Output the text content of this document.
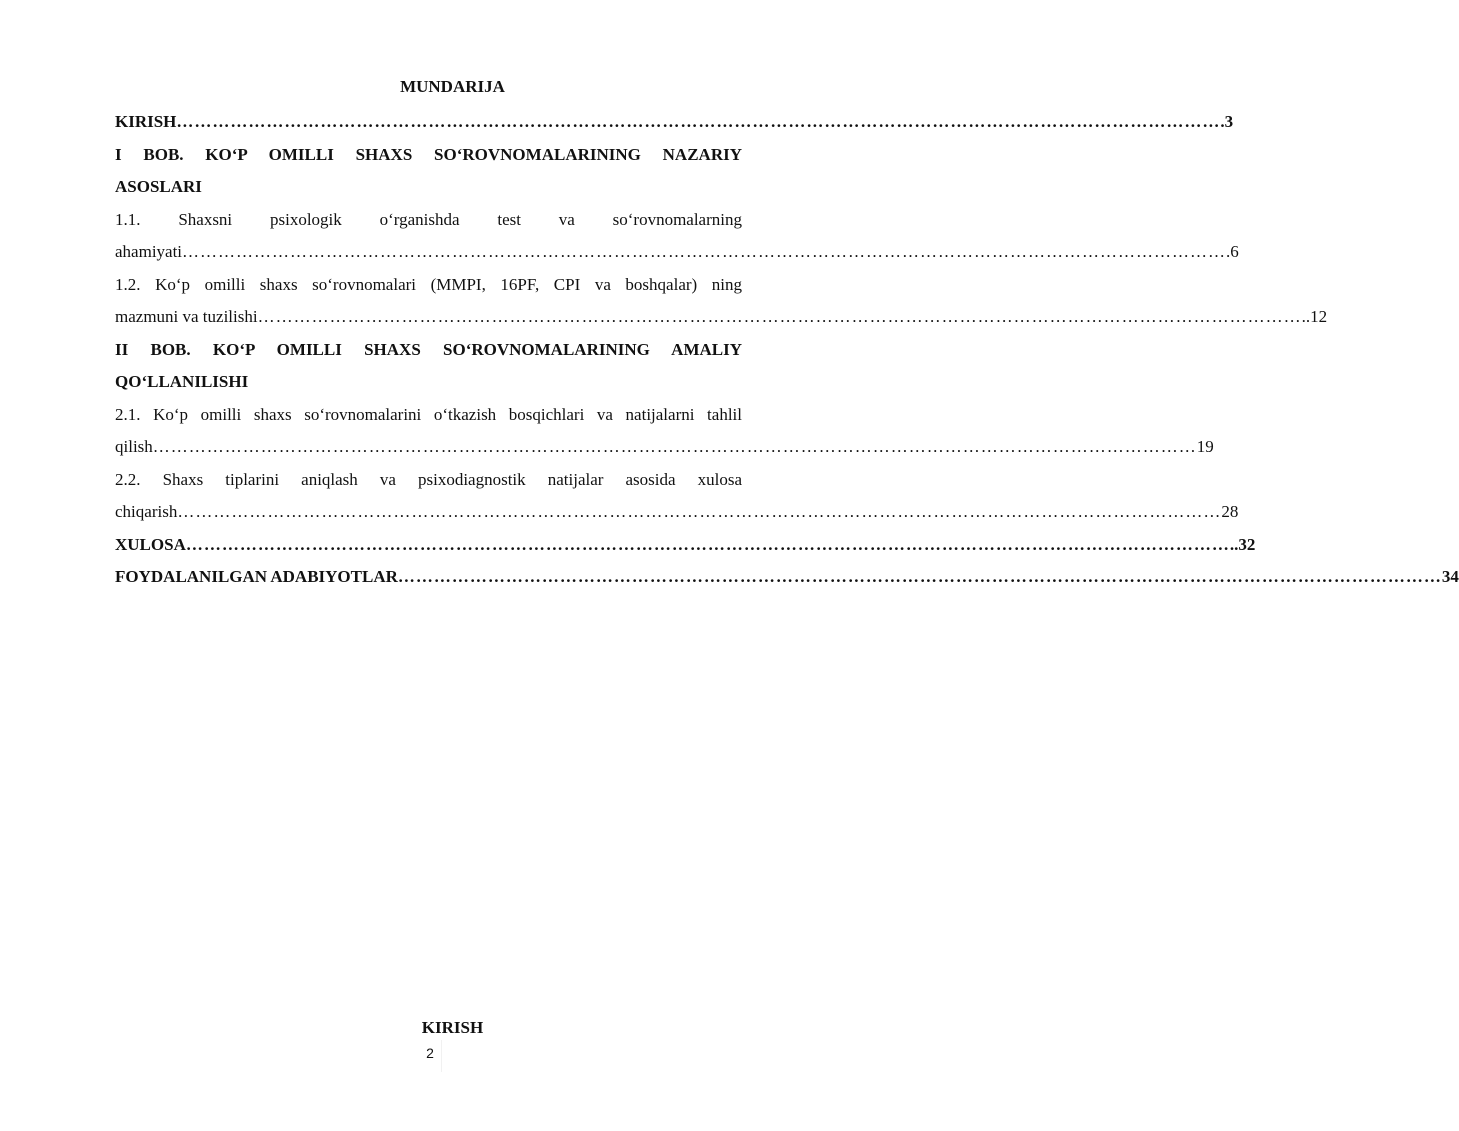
MUNDARIJA
KIRISH ………………………………………………………………………………………………………………………………………………………… .3
I BOB. KO‘P OMILLI SHAXS SO‘ROVNOMALARINING NAZARIY
ASOSLARI
1.1. Shaxsni psixologik o‘rganishda test va so‘rovnomalarning
ahamiyati ………………………………………………………………………………………………………………………………………………………… .6
1.2. Ko‘p omilli shaxs so‘rovnomalari (MMPI, 16PF, CPI va boshqalar) ning
mazmuni va tuzilishi ………………………………………………………………………………………………………………………………………………………… ..12
II BOB. KO‘P OMILLI SHAXS SO‘ROVNOMALARINING AMALIY
QO‘LLANILISHI
2.1. Ko‘p omilli shaxs so‘rovnomalarini o‘tkazish bosqichlari va natijalarni tahlil
qilish ………………………………………………………………………………………………………………………………………………………… 19
2.2. Shaxs tiplarini aniqlash va psixodiagnostik natijalar asosida xulosa
chiqarish ………………………………………………………………………………………………………………………………………………………… 28
XULOSA ………………………………………………………………………………………………………………………………………………………… ..32
FOYDALANILGAN ADABIYOTLAR ………………………………………………………………………………………………………………………………………………………… 34
KIRISH
2
